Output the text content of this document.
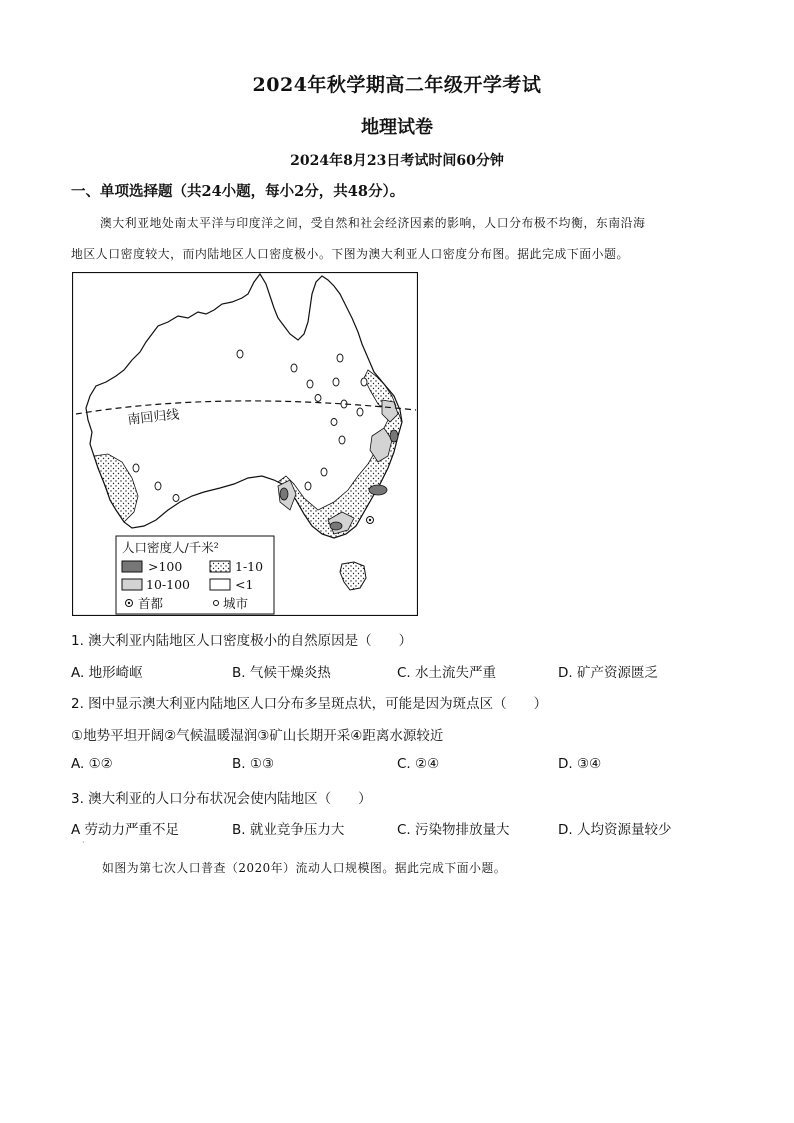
2024年秋学期高二年级开学考试
地理试卷
2024年8月23日考试时间60分钟
一、单项选择题（共24小题，每小2分，共48分）。
澳大利亚地处南太平洋与印度洋之间，受自然和社会经济因素的影响，人口分布极不均衡，东南沿海
地区人口密度较大，而内陆地区人口密度极小。下图为澳大利亚人口密度分布图。据此完成下面小题。
南回归线
人口密度人/千米²
>100	1-10
10-100	<1
首都	城市
1. 澳大利亚内陆地区人口密度极小的自然原因是（　　）
A. 地形崎岖	B. 气候干燥炎热	C. 水土流失严重	D. 矿产资源匮乏
2. 图中显示澳大利亚内陆地区人口分布多呈斑点状，可能是因为斑点区（　　）
①地势平坦开阔②气候温暖湿润③矿山长期开采④距离水源较近
A. ①②	B. ①③	C. ②④	D. ③④
3. 澳大利亚的人口分布状况会使内陆地区（　　）
A 劳动力严重不足	B. 就业竞争压力大	C. 污染物排放量大	D. 人均资源量较少
·
如图为第七次人口普查（2020年）流动人口规模图。据此完成下面小题。
